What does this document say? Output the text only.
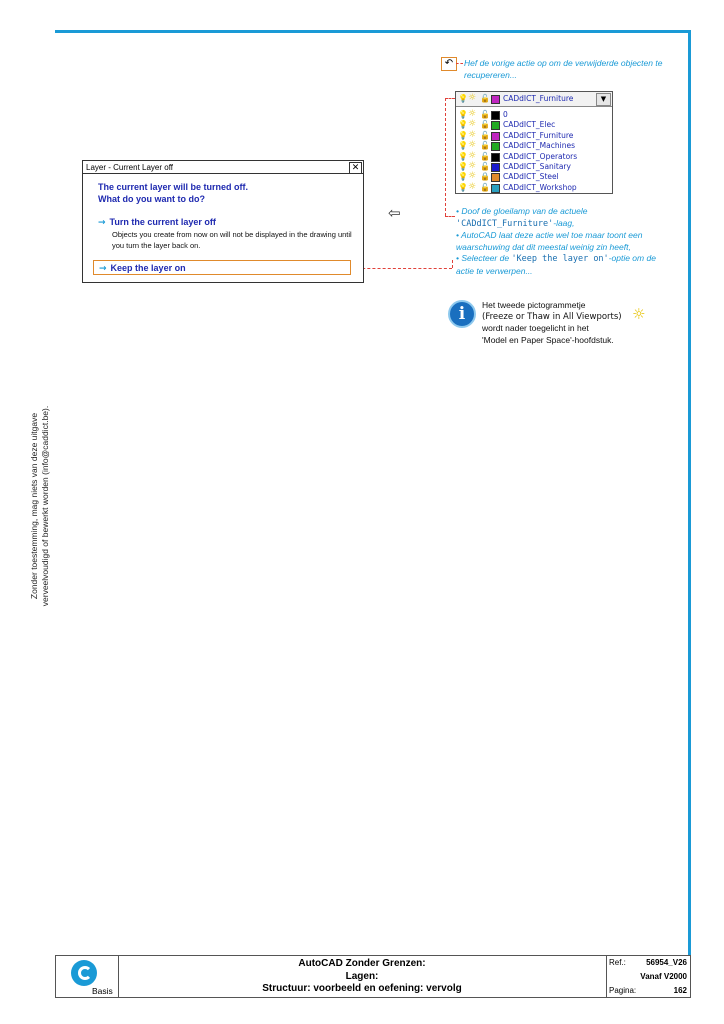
Zonder toestemming, mag niets van deze uitgave verveelvoudigd of bewerkt worden (info@caddict.be).
↶	Hef de vorige actie op om de verwijderde objecten te recupereren...
💡 ☼ 🔓 CADdICT_Furniture	▼
💡 ☼ 🔓 0
💡 ☼ 🔓 CADdICT_Elec
💡 ☼ 🔓 CADdICT_Furniture
💡 ☼ 🔓 CADdICT_Machines
💡 ☼ 🔓 CADdICT_Operators
💡 ☼ 🔓 CADdICT_Sanitary
💡 ☼ 🔒 CADdICT_Steel
💡 ☼ 🔓 CADdICT_Workshop
Layer - Current Layer off	✕
The current layer will be turned off.
What do you want to do?
→ Turn the current layer off
Objects you create from now on will not be displayed in the drawing until you turn the layer back on.
→ Keep the layer on
⇦	• Doof de gloeilamp van de actuele 'CADdICT_Furniture'-laag,
• AutoCAD laat deze actie wel toe maar toont een waarschuwing dat dit meestal weinig zin heeft,
• Selecteer de 'Keep the layer on'-optie om de actie te verwerpen...
i	Het tweede pictogrammetje
(Freeze or Thaw in All Viewports)
wordt nader toegelicht in het
'Model en Paper Space'-hoofdstuk.
☼
Basis
AutoCAD Zonder Grenzen:
Lagen:
Structuur: voorbeeld en oefening: vervolg
Ref.:	56954_V26
Vanaf V2000
Pagina:	162
